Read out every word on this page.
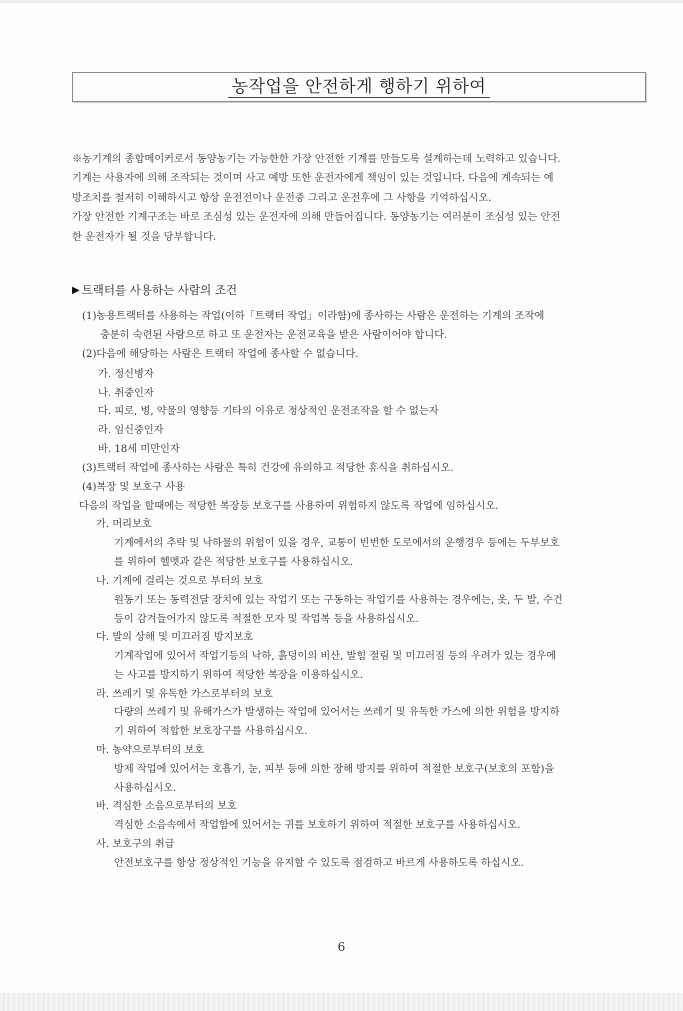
농작업을 안전하게 행하기 위하여

※농기계의 종합메이커로서 동양농기는 가능한한 가장 안전한 기계를 만들도록 설계하는데 노력하고 있습니다.

기계는 사용자에 의해 조작되는 것이며 사고 예방 또한 운전자에게 책임이 있는 것입니다. 다음에 계속되는 예

방조치를 철저히 이해하시고 항상 운전전이나 운전중 그리고 운전후에 그 사항을 기억하십시오.

가장 안전한 기계구조는 바로 조심성 있는 운전자에 의해 만들어집니다. 동양농기는 여러분이 조심성 있는 안전

한 운전자가 될 것을 당부합니다.

▶ 트랙터를 사용하는 사람의 조건
(1)농용트랙터를 사용하는 작업(이하「트랙터 작업」이라함)에 종사하는 사람은 운전하는 기계의 조작에
충분히 숙련된 사람으로 하고 또 운전자는 운전교육을 받은 사람이어야 합니다.
(2)다음에 해당하는 사람은 트랙터 작업에 종사할 수 없습니다.
가. 정신병자
나. 취중인자
다. 피로, 병, 약물의 영향등 기타의 이유로 정상적인 운전조작을 할 수 없는자
라. 임신중인자
바. 18세 미만인자
(3)트랙터 작업에 종사하는 사람은 특히 건강에 유의하고 적당한 휴식을 취하십시오.
(4)복장 및 보호구 사용
다음의 작업을 할때에는 적당한 복장등 보호구를 사용하여 위험하지 않도록 작업에 임하십시오.
가. 머리보호
기계에서의 추락 및 낙하물의 위험이 있을 경우, 교통이 빈번한 도로에서의 운행경우 등에는 두부보호
를 위하여 헬멧과 같은 적당한 보호구를 사용하십시오.
나. 기계에 걸리는 것으로 부터의 보호
원동기 또는 동력전달 장치에 있는 작업기 또는 구동하는 작업기를 사용하는 경우에는, 옷, 두 발, 수건
등이 감겨들어가지 않도록 적절한 모자 및 작업복 등을 사용하십시오.
다. 발의 상해 및 미끄러짐 방지보호
기계작업에 있어서 작업기등의 낙하, 흙덩이의 비산, 발힘 절림 및 미끄러짐 등의 우려가 있는 경우에
는 사고를 방지하기 위하여 적당한 복장을 이용하십시오.
라. 쓰레기 및 유독한 가스로부터의 보호
다량의 쓰레기 및 유해가스가 발생하는 작업에 있어서는 쓰레기 및 유독한 가스에 의한 위험을 방지하
기 위하여 적합한 보호장구를 사용하십시오.
마. 농약으로부터의 보호
방제 작업에 있어서는 호흡기, 눈, 피부 등에 의한 장해 방지를 위하여 적절한 보호구(보호의 포함)을
사용하십시오.
바. 격심한 소음으로부터의 보호
격심한 소음속에서 작업함에 있어서는 귀를 보호하기 위하여 적절한 보호구를 사용하십시오.
사. 보호구의 취급
안전보호구를 항상 정상적인 기능을 유지할 수 있도록 점검하고 바르게 사용하도록 하십시오.
6
